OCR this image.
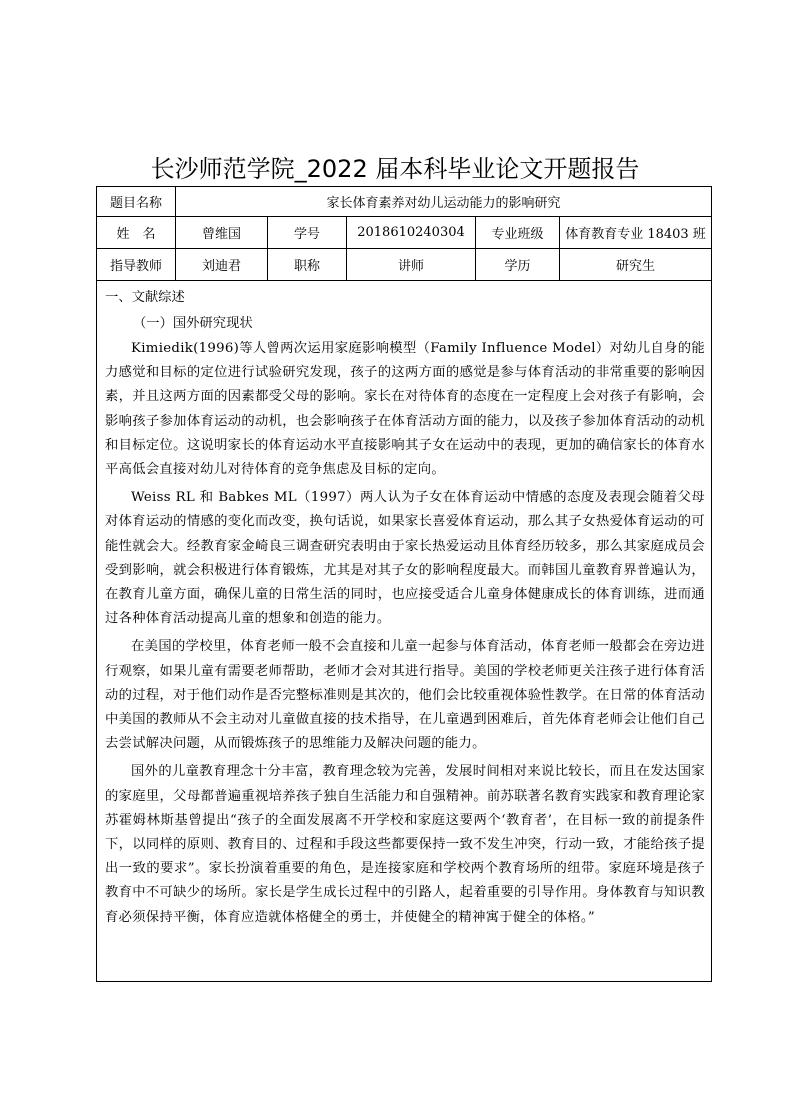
长沙师范学院_2022 届本科毕业论文开题报告
题目名称	家长体育素养对幼儿运动能力的影响研究
姓　名	曾维国	学号	2018610240304	专业班级	体育教育专业 18403 班
指导教师	刘迪君	职称	讲师	学历	研究生
一、文献综述
（一）国外研究现状

Kimiedik(1996)等人曾两次运用家庭影响模型（Family Influence Model）对幼儿自身的能力感觉和目标的定位进行试验研究发现，孩子的这两方面的感觉是参与体育活动的非常重要的影响因素，并且这两方面的因素都受父母的影响。家长在对待体育的态度在一定程度上会对孩子有影响，会影响孩子参加体育运动的动机，也会影响孩子在体育活动方面的能力，以及孩子参加体育活动的动机和目标定位。这说明家长的体育运动水平直接影响其子女在运动中的表现，更加的确信家长的体育水平高低会直接对幼儿对待体育的竞争焦虑及目标的定向。

Weiss RL 和 Babkes ML（1997）两人认为子女在体育运动中情感的态度及表现会随着父母对体育运动的情感的变化而改变，换句话说，如果家长喜爱体育运动，那么其子女热爱体育运动的可能性就会大。经教育家金崎良三调查研究表明由于家长热爱运动且体育经历较多，那么其家庭成员会受到影响，就会积极进行体育锻炼，尤其是对其子女的影响程度最大。而韩国儿童教育界普遍认为，在教育儿童方面，确保儿童的日常生活的同时，也应接受适合儿童身体健康成长的体育训练，进而通过各种体育活动提高儿童的想象和创造的能力。

在美国的学校里，体育老师一般不会直接和儿童一起参与体育活动，体育老师一般都会在旁边进行观察，如果儿童有需要老师帮助，老师才会对其进行指导。美国的学校老师更关注孩子进行体育活动的过程，对于他们动作是否完整标准则是其次的，他们会比较重视体验性教学。在日常的体育活动中美国的教师从不会主动对儿童做直接的技术指导，在儿童遇到困难后，首先体育老师会让他们自己去尝试解决问题，从而锻炼孩子的思维能力及解决问题的能力。

国外的儿童教育理念十分丰富，教育理念较为完善，发展时间相对来说比较长，而且在发达国家的家庭里，父母都普遍重视培养孩子独自生活能力和自强精神。前苏联著名教育实践家和教育理论家苏霍姆林斯基曾提出“孩子的全面发展离不开学校和家庭这要两个‘教育者’，在目标一致的前提条件下，以同样的原则、教育目的、过程和手段这些都要保持一致不发生冲突，行动一致，才能给孩子提出一致的要求”。家长扮演着重要的角色，是连接家庭和学校两个教育场所的纽带。家庭环境是孩子教育中不可缺少的场所。家长是学生成长过程中的引路人，起着重要的引导作用。身体教育与知识教育必须保持平衡，体育应造就体格健全的勇士，并使健全的精神寓于健全的体格。”
